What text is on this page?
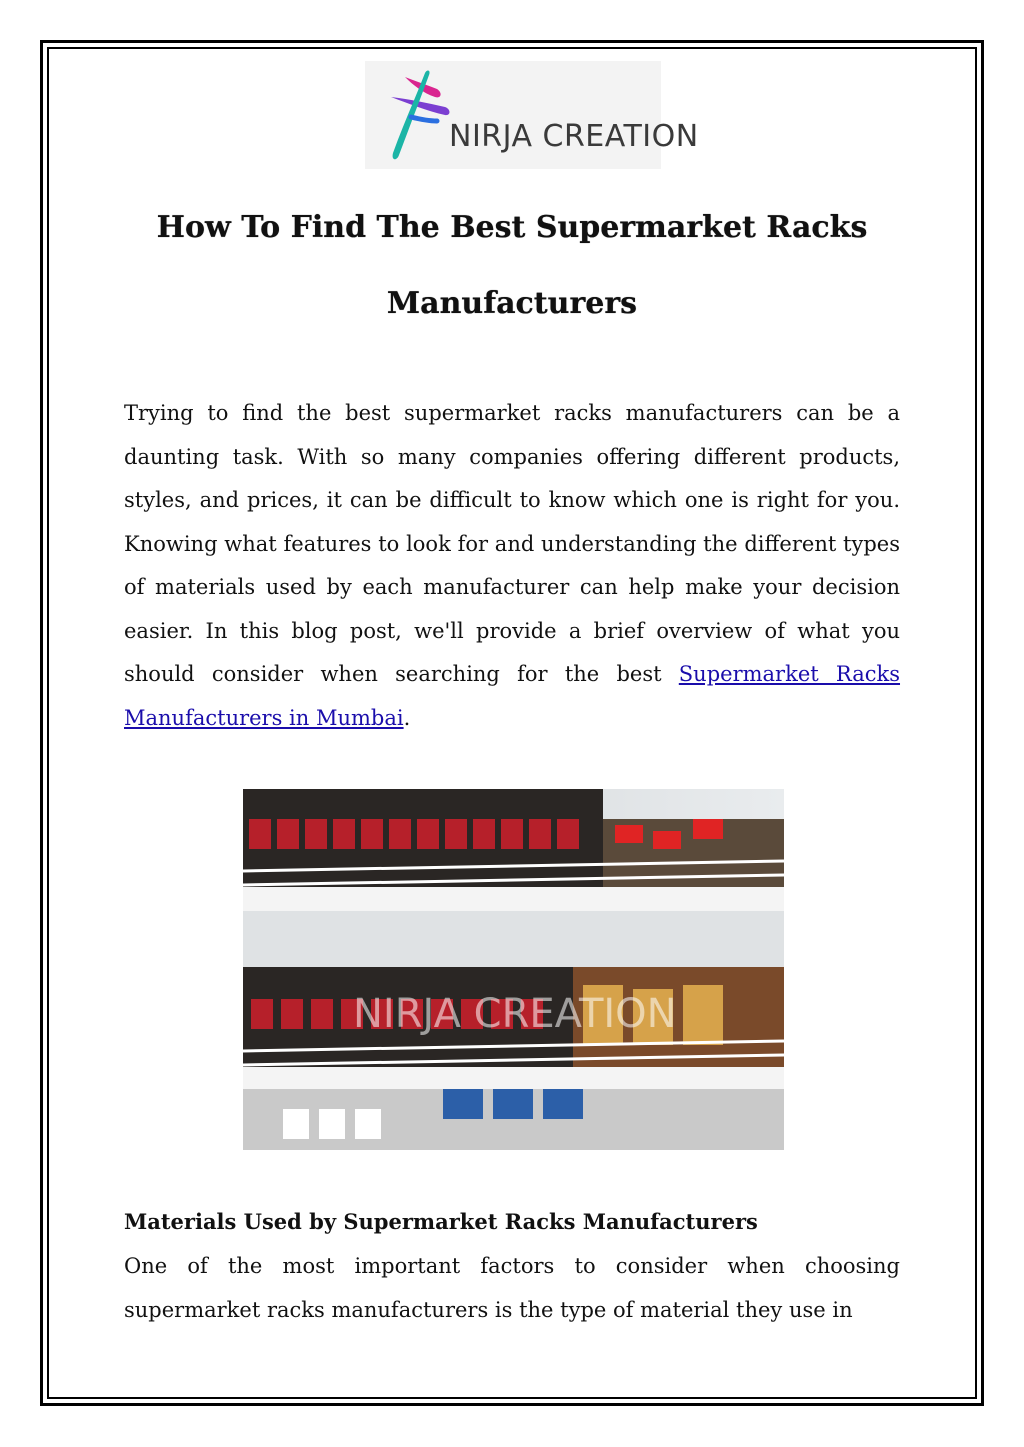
NIRJA CREATION
How To Find The Best Supermarket Racks
Manufacturers
Trying to find the best supermarket racks manufacturers can be a daunting task. With so many companies offering different products, styles, and prices, it can be difficult to know which one is right for you. Knowing what features to look for and understanding the different types of materials used by each manufacturer can help make your decision easier. In this blog post, we'll provide a brief overview of what you should consider when searching for the best Supermarket Racks Manufacturers in Mumbai.
NIRJA CREATION
Materials Used by Supermarket Racks Manufacturers
One of the most important factors to consider when choosing supermarket racks manufacturers is the type of material they use in
